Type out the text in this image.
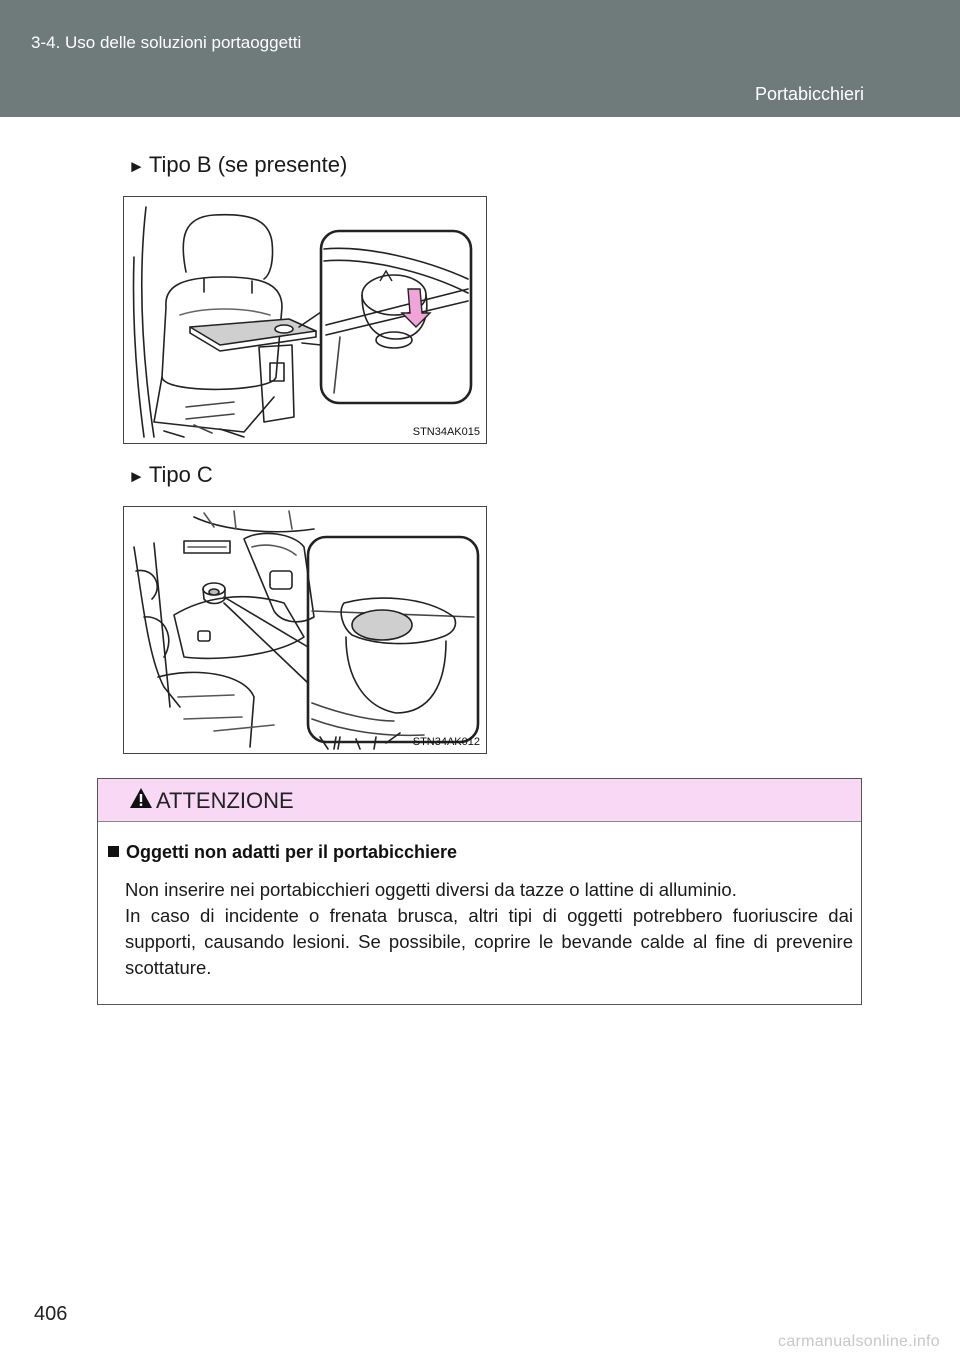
3-4. Uso delle soluzioni portaoggetti
Portabicchieri
► Tipo B (se presente)
STN34AK015
► Tipo C
STN34AK012
ATTENZIONE
Oggetti non adatti per il portabicchiere

Non inserire nei portabicchieri oggetti diversi da tazze o lattine di alluminio.

In caso di incidente o frenata brusca, altri tipi di oggetti potrebbero fuoriuscire dai supporti, causando lesioni. Se possibile, coprire le bevande calde al fine di prevenire scottature.

406
carmanualsonline.info
